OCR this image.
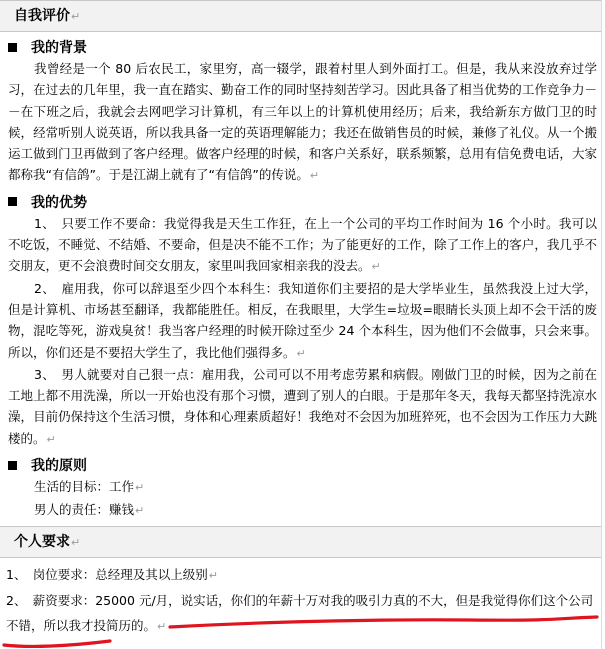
自我评价↵
我的背景
我曾经是一个 80 后农民工，家里穷，高一辍学，跟着村里人到外面打工。但是，我从来没放弃过学习，在过去的几年里，我一直在踏实、勤奋工作的同时坚持刻苦学习。因此具备了相当优势的工作竞争力－－在下班之后，我就会去网吧学习计算机，有三年以上的计算机使用经历；后来，我给新东方做门卫的时候，经常听别人说英语，所以我具备一定的英语理解能力；我还在做销售员的时候，兼修了礼仪。从一个搬运工做到门卫再做到了客户经理。做客户经理的时候，和客户关系好，联系频繁，总用有信免费电话，大家都称我“有信鸽”。于是江湖上就有了“有信鸽”的传说。↵
我的优势
1、　只要工作不要命：我觉得我是天生工作狂，在上一个公司的平均工作时间为 16 个小时。我可以不吃饭，不睡觉、不结婚、不要命，但是决不能不工作；为了能更好的工作，除了工作上的客户，我几乎不交朋友，更不会浪费时间交女朋友，家里叫我回家相亲我的没去。↵
2、　雇用我，你可以辞退至少四个本科生：我知道你们主要招的是大学毕业生，虽然我没上过大学，但是计算机、市场甚至翻译，我都能胜任。相反，在我眼里，大学生=垃圾=眼睛长头顶上却不会干活的废物，混吃等死，游戏臭贫！我当客户经理的时候开除过至少 24 个本科生，因为他们不会做事，只会来事。所以，你们还是不要招大学生了，我比他们强得多。↵
3、　男人就要对自己狠一点：雇用我，公司可以不用考虑劳累和病假。刚做门卫的时候，因为之前在工地上都不用洗澡，所以一开始也没有那个习惯，遭到了别人的白眼。于是那年冬天，我每天都坚持洗凉水澡，目前仍保持这个生活习惯，身体和心理素质超好！我绝对不会因为加班猝死，也不会因为工作压力大跳楼的。↵
我的原则
生活的目标：工作↵
男人的责任：赚钱↵
个人要求↵
1、　岗位要求：总经理及其以上级别↵
2、　薪资要求：25000 元/月，说实话，你们的年薪十万对我的吸引力真的不大，但是我觉得你们这个公司不错，所以我才投简历的。↵
